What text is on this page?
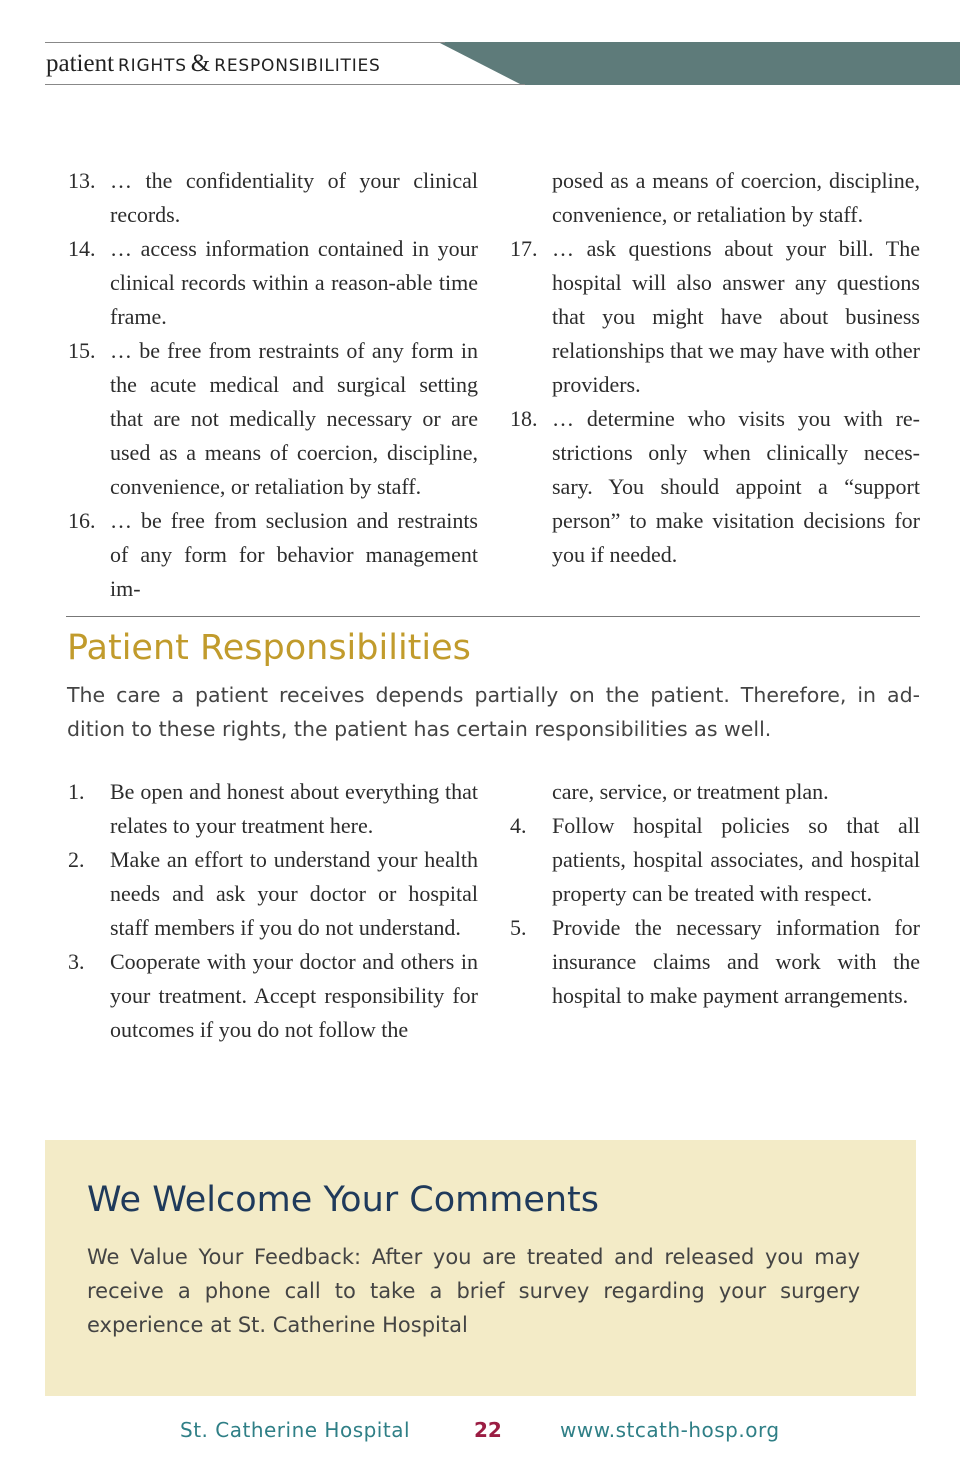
patient RIGHTS & RESPONSIBILITIES
13. … the confidentiality of your clinical records.
14. … access information contained in your clinical records within a reason-able time frame.
15. … be free from restraints of any form in the acute medical and surgical setting that are not medically necessary or are used as a means of coercion, discipline, convenience, or retaliation by staff.
16. … be free from seclusion and restraints of any form for behavior management im-
posed as a means of coercion, discipline, convenience, or retaliation by staff.
17. … ask questions about your bill. The hospital will also answer any questions that you might have about business relationships that we may have with other providers.
18. … determine who visits you with re-strictions only when clinically neces-sary. You should appoint a “support person” to make visitation decisions for you if needed.
Patient Responsibilities

The care a patient receives depends partially on the patient. Therefore, in ad-dition to these rights, the patient has certain responsibilities as well.

1. Be open and honest about everything that relates to your treatment here.
2. Make an effort to understand your health needs and ask your doctor or hospital staff members if you do not understand.
3. Cooperate with your doctor and others in your treatment. Accept responsibility for outcomes if you do not follow the
care, service, or treatment plan.
4. Follow hospital policies so that all patients, hospital associates, and hospital property can be treated with respect.
5. Provide the necessary information for insurance claims and work with the hospital to make payment arrangements.
We Welcome Your Comments

We Value Your Feedback: After you are treated and released you may receive a phone call to take a brief survey regarding your surgery experience at St. Catherine Hospital

St. Catherine Hospital	22	www.stcath-hosp.org
